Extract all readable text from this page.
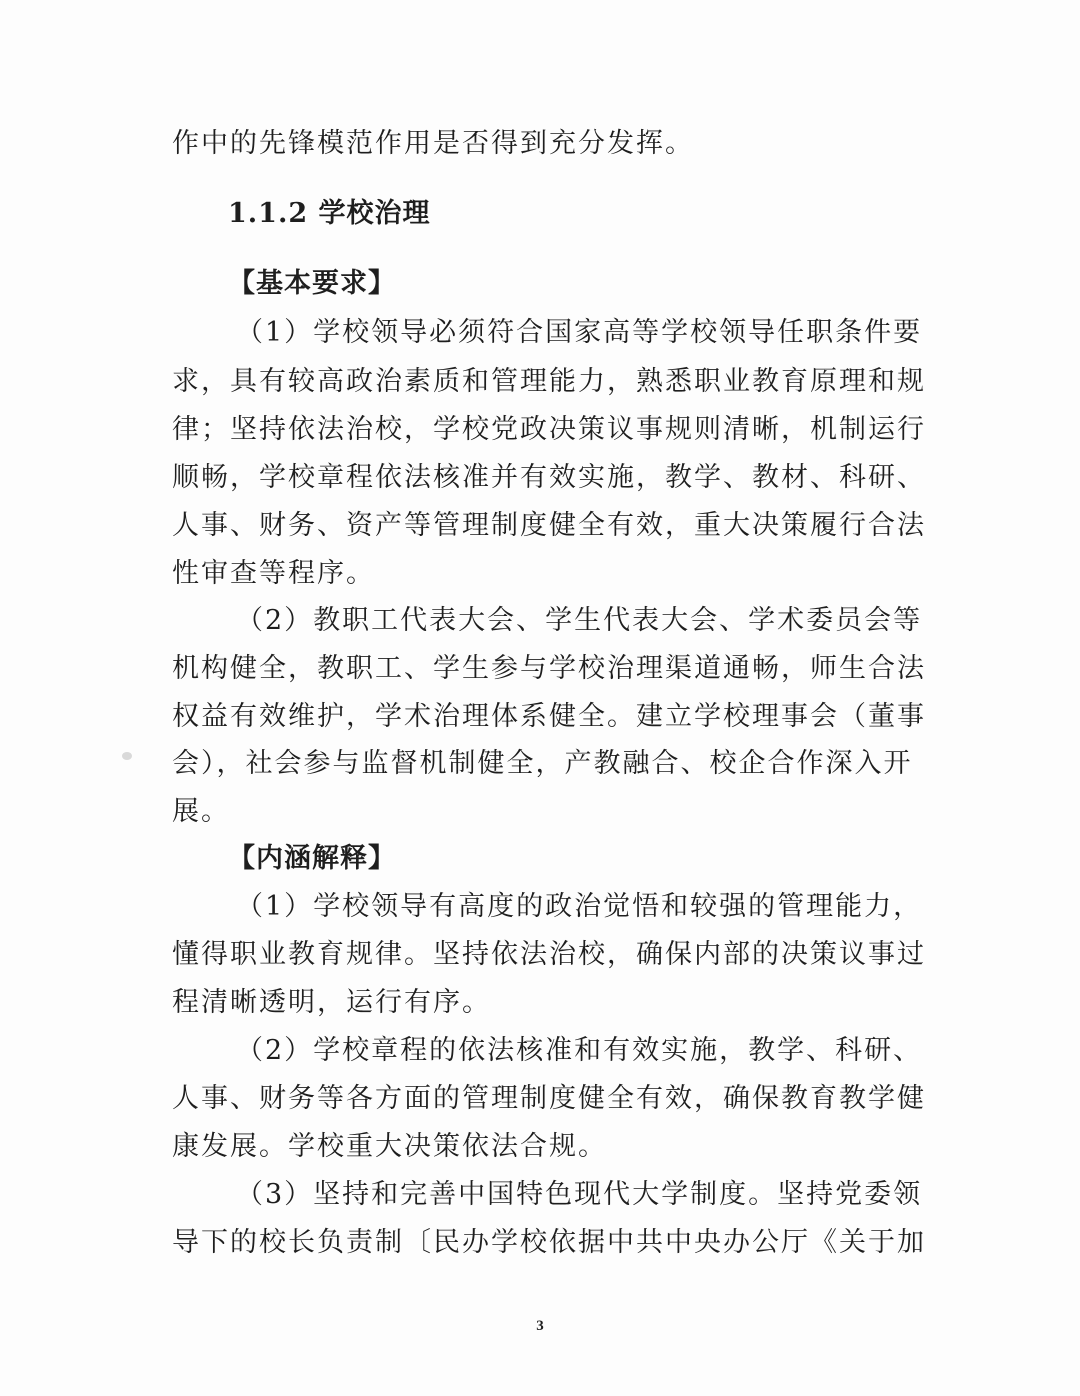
作中的先锋模范作用是否得到充分发挥。
1.1.2 学校治理
【基本要求】
（1）学校领导必须符合国家高等学校领导任职条件要
求，具有较高政治素质和管理能力，熟悉职业教育原理和规
律；坚持依法治校，学校党政决策议事规则清晰，机制运行
顺畅，学校章程依法核准并有效实施，教学、教材、科研、
人事、财务、资产等管理制度健全有效，重大决策履行合法
性审查等程序。
（2）教职工代表大会、学生代表大会、学术委员会等
机构健全，教职工、学生参与学校治理渠道通畅，师生合法
权益有效维护，学术治理体系健全。建立学校理事会（董事
会），社会参与监督机制健全，产教融合、校企合作深入开
展。
【内涵解释】
（1）学校领导有高度的政治觉悟和较强的管理能力，
懂得职业教育规律。坚持依法治校，确保内部的决策议事过
程清晰透明，运行有序。
（2）学校章程的依法核准和有效实施，教学、科研、
人事、财务等各方面的管理制度健全有效，确保教育教学健
康发展。学校重大决策依法合规。
（3）坚持和完善中国特色现代大学制度。坚持党委领
导下的校长负责制〔民办学校依据中共中央办公厅《关于加
3
